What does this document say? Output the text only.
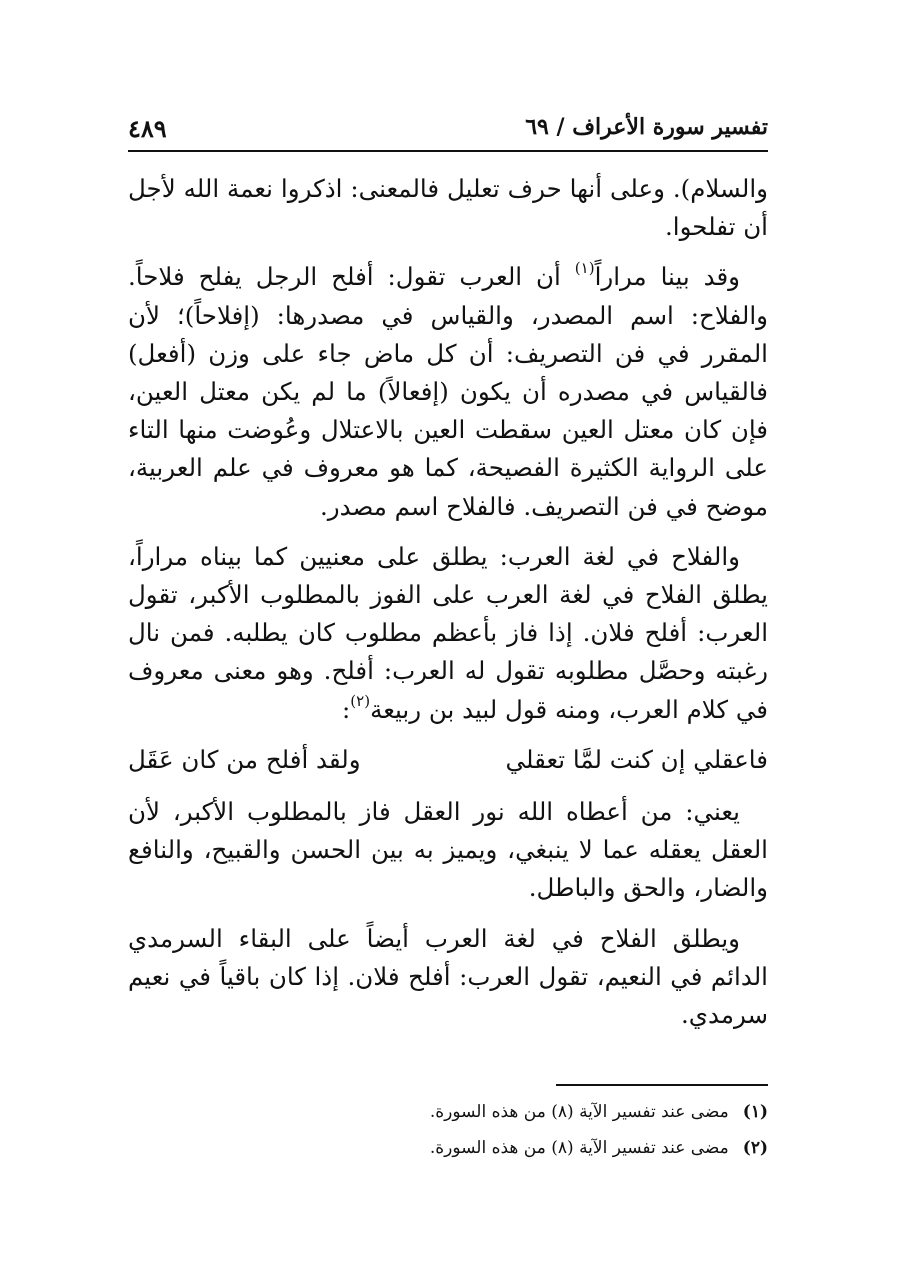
تفسير سورة الأعراف / ٦٩
٤٨٩

والسلام). وعلى أنها حرف تعليل فالمعنى: اذكروا نعمة الله لأجل أن تفلحوا.

وقد بينا مراراً$^{(١)}$ أن العرب تقول: أفلح الرجل يفلح فلاحاً. والفلاح: اسم المصدر، والقياس في مصدرها: (إفلاحاً)؛ لأن المقرر في فن التصريف: أن كل ماض جاء على وزن (أفعل) فالقياس في مصدره أن يكون (إفعالاً) ما لم يكن معتل العين، فإن كان معتل العين سقطت العين بالاعتلال وعُوضت منها التاء على الرواية الكثيرة الفصيحة، كما هو معروف في علم العربية، موضح في فن التصريف. فالفلاح اسم مصدر.

والفلاح في لغة العرب: يطلق على معنيين كما بيناه مراراً، يطلق الفلاح في لغة العرب على الفوز بالمطلوب الأكبر، تقول العرب: أفلح فلان. إذا فاز بأعظم مطلوب كان يطلبه. فمن نال رغبته وحصَّل مطلوبه تقول له العرب: أفلح. وهو معنى معروف في كلام العرب، ومنه قول لبيد بن ربيعة$^{(٢)}$:

فاعقلي إن كنت لمَّا تعقلي
ولقد أفلح من كان عَقَل

يعني: من أعطاه الله نور العقل فاز بالمطلوب الأكبر، لأن العقل يعقله عما لا ينبغي، ويميز به بين الحسن والقبيح، والنافع والضار، والحق والباطل.

ويطلق الفلاح في لغة العرب أيضاً على البقاء السرمدي الدائم في النعيم، تقول العرب: أفلح فلان. إذا كان باقياً في نعيم سرمدي.

(١)
مضى عند تفسير الآية (٨) من هذه السورة.
(٢)
مضى عند تفسير الآية (٨) من هذه السورة.
